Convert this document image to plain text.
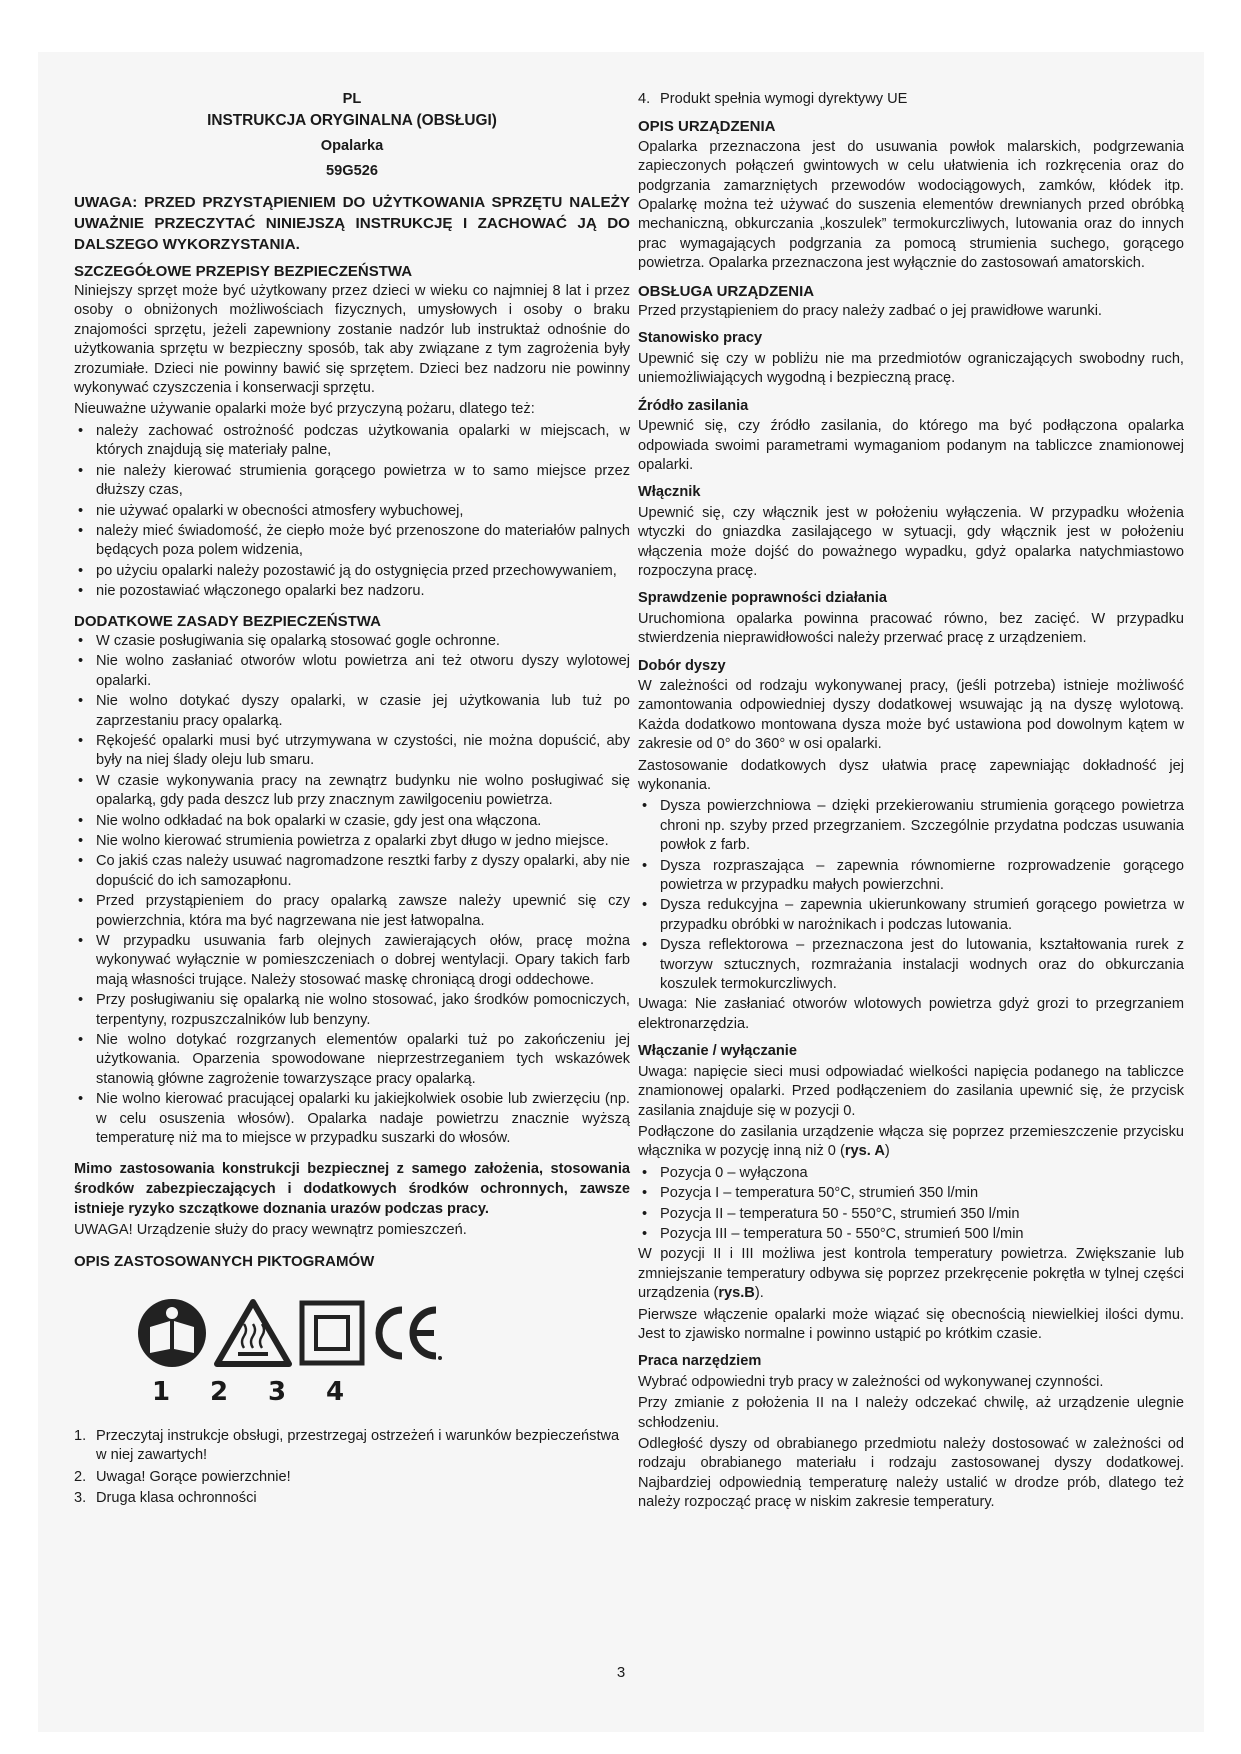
PL
INSTRUKCJA ORYGINALNA (OBSŁUGI)
Opalarka
59G526
UWAGA: PRZED PRZYSTĄPIENIEM DO UŻYTKOWANIA SPRZĘTU NALEŻY UWAŻNIE PRZECZYTAĆ NINIEJSZĄ INSTRUKCJĘ I ZACHOWAĆ JĄ DO DALSZEGO WYKORZYSTANIA.
SZCZEGÓŁOWE PRZEPISY BEZPIECZEŃSTWA

Niniejszy sprzęt może być użytkowany przez dzieci w wieku co najmniej 8 lat i przez osoby o obniżonych możliwościach fizycznych, umysłowych i osoby o braku znajomości sprzętu, jeżeli zapewniony zostanie nadzór lub instruktaż odnośnie do użytkowania sprzętu w bezpieczny sposób, tak aby związane z tym zagrożenia były zrozumiałe. Dzieci nie powinny bawić się sprzętem. Dzieci bez nadzoru nie powinny wykonywać czyszczenia i konserwacji sprzętu.

Nieuważne używanie opalarki może być przyczyną pożaru, dlatego też:

• należy zachować ostrożność podczas użytkowania opalarki w miejscach, w których znajdują się materiały palne,
• nie należy kierować strumienia gorącego powietrza w to samo miejsce przez dłuższy czas,
• nie używać opalarki w obecności atmosfery wybuchowej,
• należy mieć świadomość, że ciepło może być przenoszone do materiałów palnych będących poza polem widzenia,
• po użyciu opalarki należy pozostawić ją do ostygnięcia przed przechowywaniem,
• nie pozostawiać włączonego opalarki bez nadzoru.
DODATKOWE ZASADY BEZPIECZEŃSTWA
• W czasie posługiwania się opalarką stosować gogle ochronne.
• Nie wolno zasłaniać otworów wlotu powietrza ani też otworu dyszy wylotowej opalarki.
• Nie wolno dotykać dyszy opalarki, w czasie jej użytkowania lub tuż po zaprzestaniu pracy opalarką.
• Rękojeść opalarki musi być utrzymywana w czystości, nie można dopuścić, aby były na niej ślady oleju lub smaru.
• W czasie wykonywania pracy na zewnątrz budynku nie wolno posługiwać się opalarką, gdy pada deszcz lub przy znacznym zawilgoceniu powietrza.
• Nie wolno odkładać na bok opalarki w czasie, gdy jest ona włączona.
• Nie wolno kierować strumienia powietrza z opalarki zbyt długo w jedno miejsce.
• Co jakiś czas należy usuwać nagromadzone resztki farby z dyszy opalarki, aby nie dopuścić do ich samozapłonu.
• Przed przystąpieniem do pracy opalarką zawsze należy upewnić się czy powierzchnia, która ma być nagrzewana nie jest łatwopalna.
• W przypadku usuwania farb olejnych zawierających ołów, pracę można wykonywać wyłącznie w pomieszczeniach o dobrej wentylacji. Opary takich farb mają własności trujące. Należy stosować maskę chroniącą drogi oddechowe.
• Przy posługiwaniu się opalarką nie wolno stosować, jako środków pomocniczych, terpentyny, rozpuszczalników lub benzyny.
• Nie wolno dotykać rozgrzanych elementów opalarki tuż po zakończeniu jej użytkowania. Oparzenia spowodowane nieprzestrzeganiem tych wskazówek stanowią główne zagrożenie towarzyszące pracy opalarką.
• Nie wolno kierować pracującej opalarki ku jakiejkolwiek osobie lub zwierzęciu (np. w celu osuszenia włosów). Opalarka nadaje powietrzu znacznie wyższą temperaturę niż ma to miejsce w przypadku suszarki do włosów.
Mimo zastosowania konstrukcji bezpiecznej z samego założenia, stosowania środków zabezpieczających i dodatkowych środków ochronnych, zawsze istnieje ryzyko szczątkowe doznania urazów podczas pracy.

UWAGA! Urządzenie służy do pracy wewnątrz pomieszczeń.

OPIS ZASTOSOWANYCH PIKTOGRAMÓW
1	2	3	4
1. Przeczytaj instrukcje obsługi, przestrzegaj ostrzeżeń i warunków bezpieczeństwa w niej zawartych!
2. Uwaga! Gorące powierzchnie!
3. Druga klasa ochronności
4. Produkt spełnia wymogi dyrektywy UE
OPIS URZĄDZENIA

Opalarka przeznaczona jest do usuwania powłok malarskich, podgrzewania zapieczonych połączeń gwintowych w celu ułatwienia ich rozkręcenia oraz do podgrzania zamarzniętych przewodów wodociągowych, zamków, kłódek itp. Opalarkę można też używać do suszenia elementów drewnianych przed obróbką mechaniczną, obkurczania „koszulek” termokurczliwych, lutowania oraz do innych prac wymagających podgrzania za pomocą strumienia suchego, gorącego powietrza. Opalarka przeznaczona jest wyłącznie do zastosowań amatorskich.

OBSŁUGA URZĄDZENIA

Przed przystąpieniem do pracy należy zadbać o jej prawidłowe warunki.

Stanowisko pracy

Upewnić się czy w pobliżu nie ma przedmiotów ograniczających swobodny ruch, uniemożliwiających wygodną i bezpieczną pracę.

Źródło zasilania

Upewnić się, czy źródło zasilania, do którego ma być podłączona opalarka odpowiada swoimi parametrami wymaganiom podanym na tabliczce znamionowej opalarki.

Włącznik

Upewnić się, czy włącznik jest w położeniu wyłączenia. W przypadku włożenia wtyczki do gniazdka zasilającego w sytuacji, gdy włącznik jest w położeniu włączenia może dojść do poważnego wypadku, gdyż opalarka natychmiastowo rozpoczyna pracę.

Sprawdzenie poprawności działania

Uruchomiona opalarka powinna pracować równo, bez zacięć. W przypadku stwierdzenia nieprawidłowości należy przerwać pracę z urządzeniem.

Dobór dyszy

W zależności od rodzaju wykonywanej pracy, (jeśli potrzeba) istnieje możliwość zamontowania odpowiedniej dyszy dodatkowej wsuwając ją na dyszę wylotową. Każda dodatkowo montowana dysza może być ustawiona pod dowolnym kątem w zakresie od 0° do 360° w osi opalarki.

Zastosowanie dodatkowych dysz ułatwia pracę zapewniając dokładność jej wykonania.

• Dysza powierzchniowa – dzięki przekierowaniu strumienia gorącego powietrza chroni np. szyby przed przegrzaniem. Szczególnie przydatna podczas usuwania powłok z farb.
• Dysza rozpraszająca – zapewnia równomierne rozprowadzenie gorącego powietrza w przypadku małych powierzchni.
• Dysza redukcyjna – zapewnia ukierunkowany strumień gorącego powietrza w przypadku obróbki w narożnikach i podczas lutowania.
• Dysza reflektorowa – przeznaczona jest do lutowania, kształtowania rurek z tworzyw sztucznych, rozmrażania instalacji wodnych oraz do obkurczania koszulek termokurczliwych.

Uwaga: Nie zasłaniać otworów wlotowych powietrza gdyż grozi to przegrzaniem elektronarzędzia.

Włączanie / wyłączanie

Uwaga: napięcie sieci musi odpowiadać wielkości napięcia podanego na tabliczce znamionowej opalarki. Przed podłączeniem do zasilania upewnić się, że przycisk zasilania znajduje się w pozycji 0.

Podłączone do zasilania urządzenie włącza się poprzez przemieszczenie przycisku włącznika w pozycję inną niż 0 (rys. A)

• Pozycja 0 – wyłączona
• Pozycja I – temperatura 50°C, strumień 350 l/min
• Pozycja II – temperatura 50 - 550°C, strumień 350 l/min
• Pozycja III – temperatura 50 - 550°C, strumień 500 l/min

W pozycji II i III możliwa jest kontrola temperatury powietrza. Zwiększanie lub zmniejszanie temperatury odbywa się poprzez przekręcenie pokrętła w tylnej części urządzenia (rys.B).

Pierwsze włączenie opalarki może wiązać się obecnością niewielkiej ilości dymu. Jest to zjawisko normalne i powinno ustąpić po krótkim czasie.

Praca narzędziem

Wybrać odpowiedni tryb pracy w zależności od wykonywanej czynności.

Przy zmianie z położenia II na I należy odczekać chwilę, aż urządzenie ulegnie schłodzeniu.

Odległość dyszy od obrabianego przedmiotu należy dostosować w zależności od rodzaju obrabianego materiału i rodzaju zastosowanej dyszy dodatkowej. Najbardziej odpowiednią temperaturę należy ustalić w drodze prób, dlatego też należy rozpocząć pracę w niskim zakresie temperatury.

3
